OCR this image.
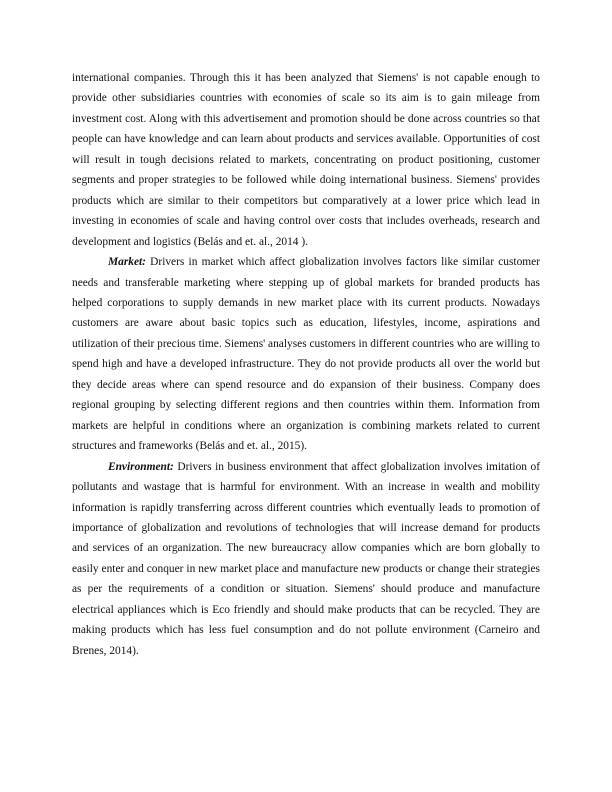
international companies. Through this it has been analyzed that Siemens' is not capable enough to provide other subsidiaries countries with economies of scale so its aim is to gain mileage from investment cost. Along with this advertisement and promotion should be done across countries so that people can have knowledge and can learn about products and services available. Opportunities of cost will result in tough decisions related to markets, concentrating on product positioning, customer segments and proper strategies to be followed while doing international business. Siemens' provides products which are similar to their competitors but comparatively at a lower price which lead in investing in economies of scale and having control over costs that includes overheads, research and development and logistics (Belás and et. al., 2014 ).

Market: Drivers in market which affect globalization involves factors like similar customer needs and transferable marketing where stepping up of global markets for branded products has helped corporations to supply demands in new market place with its current products. Nowadays customers are aware about basic topics such as education, lifestyles, income, aspirations and utilization of their precious time. Siemens' analyses customers in different countries who are willing to spend high and have a developed infrastructure. They do not provide products all over the world but they decide areas where can spend resource and do expansion of their business. Company does regional grouping by selecting different regions and then countries within them. Information from markets are helpful in conditions where an organization is combining markets related to current structures and frameworks (Belás and et. al., 2015).

Environment: Drivers in business environment that affect globalization involves imitation of pollutants and wastage that is harmful for environment. With an increase in wealth and mobility information is rapidly transferring across different countries which eventually leads to promotion of importance of globalization and revolutions of technologies that will increase demand for products and services of an organization. The new bureaucracy allow companies which are born globally to easily enter and conquer in new market place and manufacture new products or change their strategies as per the requirements of a condition or situation. Siemens' should produce and manufacture electrical appliances which is Eco friendly and should make products that can be recycled. They are making products which has less fuel consumption and do not pollute environment (Carneiro and Brenes, 2014).
